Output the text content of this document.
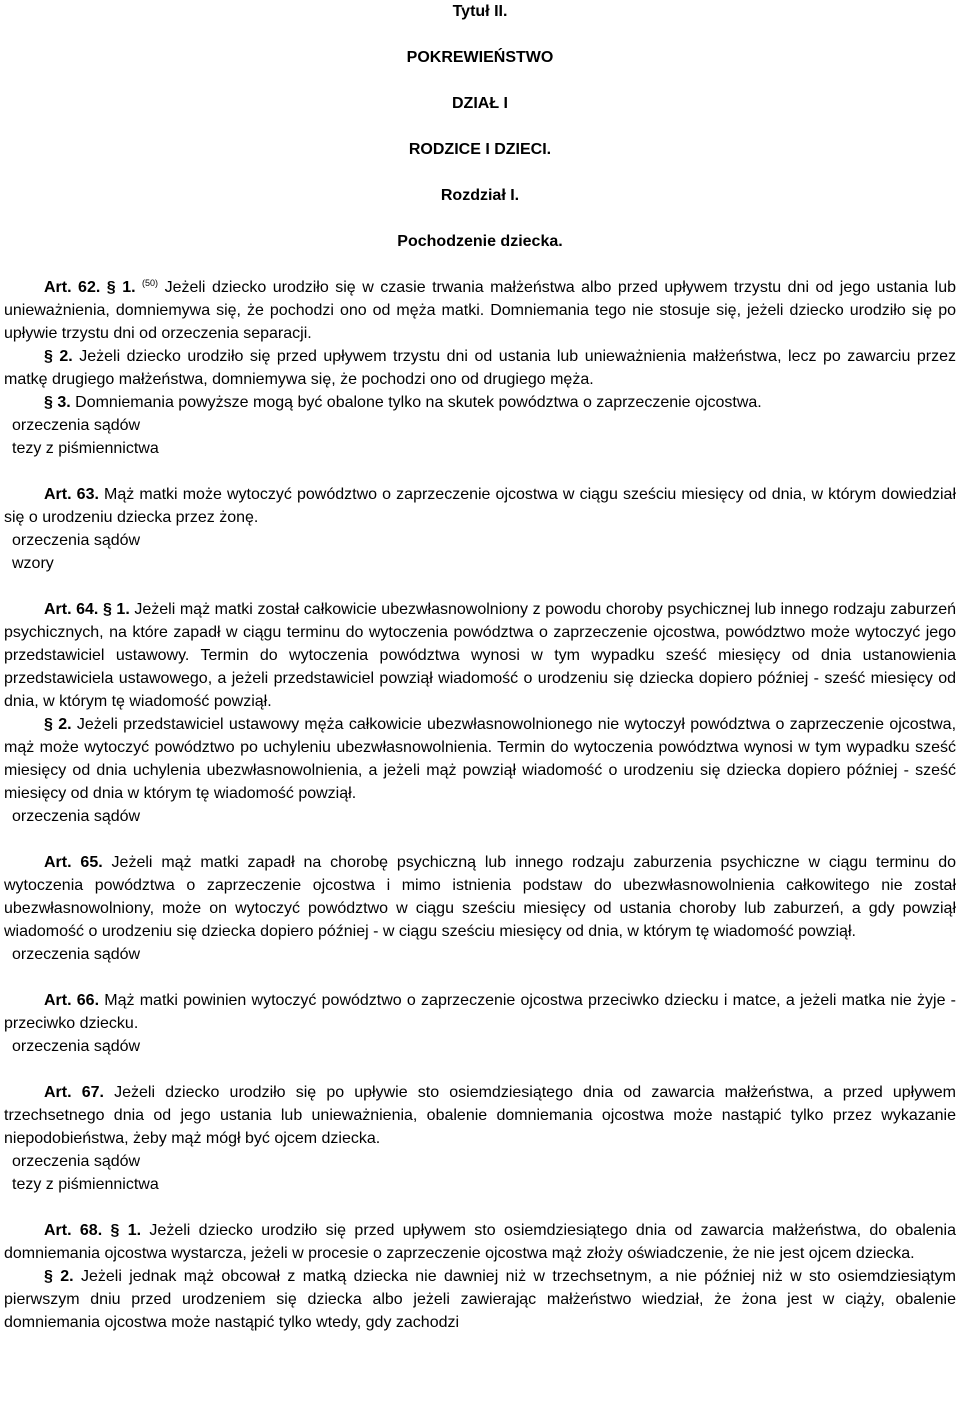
Tytuł II.
POKREWIEŃSTWO
DZIAŁ I
RODZICE I DZIECI.
Rozdział I.
Pochodzenie dziecka.

Art. 62. § 1. $^{(50)}$ Jeżeli dziecko urodziło się w czasie trwania małżeństwa albo przed upływem trzystu dni od jego ustania lub unieważnienia, domniemywa się, że pochodzi ono od męża matki. Domniemania tego nie stosuje się, jeżeli dziecko urodziło się po upływie trzystu dni od orzeczenia separacji.

§ 2. Jeżeli dziecko urodziło się przed upływem trzystu dni od ustania lub unieważnienia małżeństwa, lecz po zawarciu przez matkę drugiego małżeństwa, domniemywa się, że pochodzi ono od drugiego męża.

§ 3. Domniemania powyższe mogą być obalone tylko na skutek powództwa o zaprzeczenie ojcostwa.

orzeczenia sądów
tezy z piśmiennictwa

Art. 63. Mąż matki może wytoczyć powództwo o zaprzeczenie ojcostwa w ciągu sześciu miesięcy od dnia, w którym dowiedział się o urodzeniu dziecka przez żonę.

orzeczenia sądów
wzory

Art. 64. § 1. Jeżeli mąż matki został całkowicie ubezwłasnowolniony z powodu choroby psychicznej lub innego rodzaju zaburzeń psychicznych, na które zapadł w ciągu terminu do wytoczenia powództwa o zaprzeczenie ojcostwa, powództwo może wytoczyć jego przedstawiciel ustawowy. Termin do wytoczenia powództwa wynosi w tym wypadku sześć miesięcy od dnia ustanowienia przedstawiciela ustawowego, a jeżeli przedstawiciel powziął wiadomość o urodzeniu się dziecka dopiero później - sześć miesięcy od dnia, w którym tę wiadomość powziął.

§ 2. Jeżeli przedstawiciel ustawowy męża całkowicie ubezwłasnowolnionego nie wytoczył powództwa o zaprzeczenie ojcostwa, mąż może wytoczyć powództwo po uchyleniu ubezwłasnowolnienia. Termin do wytoczenia powództwa wynosi w tym wypadku sześć miesięcy od dnia uchylenia ubezwłasnowolnienia, a jeżeli mąż powziął wiadomość o urodzeniu się dziecka dopiero później - sześć miesięcy od dnia w którym tę wiadomość powziął.

orzeczenia sądów

Art. 65. Jeżeli mąż matki zapadł na chorobę psychiczną lub innego rodzaju zaburzenia psychiczne w ciągu terminu do wytoczenia powództwa o zaprzeczenie ojcostwa i mimo istnienia podstaw do ubezwłasnowolnienia całkowitego nie został ubezwłasnowolniony, może on wytoczyć powództwo w ciągu sześciu miesięcy od ustania choroby lub zaburzeń, a gdy powziął wiadomość o urodzeniu się dziecka dopiero później - w ciągu sześciu miesięcy od dnia, w którym tę wiadomość powziął.

orzeczenia sądów

Art. 66. Mąż matki powinien wytoczyć powództwo o zaprzeczenie ojcostwa przeciwko dziecku i matce, a jeżeli matka nie żyje - przeciwko dziecku.

orzeczenia sądów

Art. 67. Jeżeli dziecko urodziło się po upływie sto osiemdziesiątego dnia od zawarcia małżeństwa, a przed upływem trzechsetnego dnia od jego ustania lub unieważnienia, obalenie domniemania ojcostwa może nastąpić tylko przez wykazanie niepodobieństwa, żeby mąż mógł być ojcem dziecka.

orzeczenia sądów
tezy z piśmiennictwa

Art. 68. § 1. Jeżeli dziecko urodziło się przed upływem sto osiemdziesiątego dnia od zawarcia małżeństwa, do obalenia domniemania ojcostwa wystarcza, jeżeli w procesie o zaprzeczenie ojcostwa mąż złoży oświadczenie, że nie jest ojcem dziecka.

§ 2. Jeżeli jednak mąż obcował z matką dziecka nie dawniej niż w trzechsetnym, a nie później niż w sto osiemdziesiątym pierwszym dniu przed urodzeniem się dziecka albo jeżeli zawierając małżeństwo wiedział, że żona jest w ciąży, obalenie domniemania ojcostwa może nastąpić tylko wtedy, gdy zachodzi
